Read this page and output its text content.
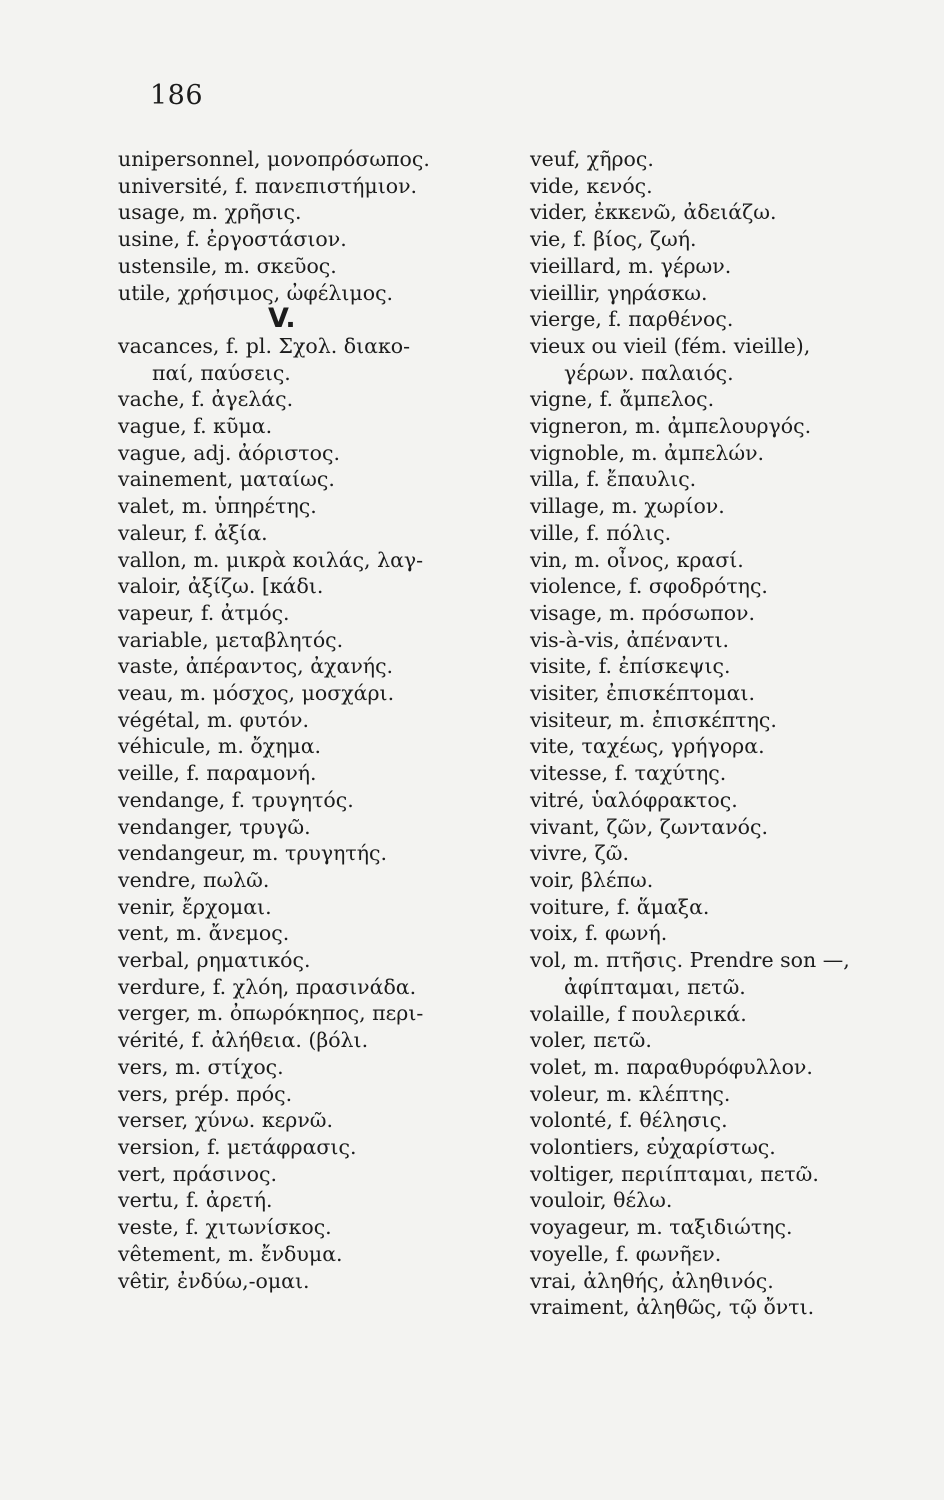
186
unipersonnel, μονοπρόσωπος.
université, f. πανεπιστήμιον.
usage, m. χρῆσις.
usine, f. ἐργοστάσιον.
ustensile, m. σκεῦος.
utile, χρήσιμος, ὠφέλιμος.
V.
vacances, f. pl. Σχολ. διακο-
παί, παύσεις.
vache, f. ἀγελάς.
vague, f. κῦμα.
vague, adj. ἀόριστος.
vainement, ματαίως.
valet, m. ὑπηρέτης.
valeur, f. ἀξία.
vallon, m. μικρὰ κοιλάς, λαγ-
valoir, ἀξίζω. [κάδι.
vapeur, f. ἀτμός.
variable, μεταβλητός.
vaste, ἀπέραντος, ἀχανής.
veau, m. μόσχος, μοσχάρι.
végétal, m. φυτόν.
véhicule, m. ὄχημα.
veille, f. παραμονή.
vendange, f. τρυγητός.
vendanger, τρυγῶ.
vendangeur, m. τρυγητής.
vendre, πωλῶ.
venir, ἔρχομαι.
vent, m. ἄνεμος.
verbal, ρηματικός.
verdure, f. χλόη, πρασινάδα.
verger, m. ὀπωρόκηπος, περι-
vérité, f. ἀλήθεια. (βόλι.
vers, m. στίχος.
vers, prép. πρός.
verser, χύνω. κερνῶ.
version, f. μετάφρασις.
vert, πράσινος.
vertu, f. ἀρετή.
veste, f. χιτωνίσκος.
vêtement, m. ἔνδυμα.
vêtir, ἐνδύω,-ομαι.
veuf, χῆρος.
vide, κενός.
vider, ἐκκενῶ, ἀδειάζω.
vie, f. βίος, ζωή.
vieillard, m. γέρων.
vieillir, γηράσκω.
vierge, f. παρθένος.
vieux ou vieil (fém. vieille),
γέρων. παλαιός.
vigne, f. ἄμπελος.
vigneron, m. ἀμπελουργός.
vignoble, m. ἀμπελών.
villa, f. ἔπαυλις.
village, m. χωρίον.
ville, f. πόλις.
vin, m. οἶνος, κρασί.
violence, f. σφοδρότης.
visage, m. πρόσωπον.
vis-à-vis, ἀπέναντι.
visite, f. ἐπίσκεψις.
visiter, ἐπισκέπτομαι.
visiteur, m. ἐπισκέπτης.
vite, ταχέως, γρήγορα.
vitesse, f. ταχύτης.
vitré, ὑαλόφρακτος.
vivant, ζῶν, ζωντανός.
vivre, ζῶ.
voir, βλέπω.
voiture, f. ἅμαξα.
voix, f. φωνή.
vol, m. πτῆσις. Prendre son —,
ἀφίπταμαι, πετῶ.
volaille, f πουλερικά.
voler, πετῶ.
volet, m. παραθυρόφυλλον.
voleur, m. κλέπτης.
volonté, f. θέλησις.
volontiers, εὐχαρίστως.
voltiger, περιίπταμαι, πετῶ.
vouloir, θέλω.
voyageur, m. ταξιδιώτης.
voyelle, f. φωνῆεν.
vrai, ἀληθής, ἀληθινός.
vraiment, ἀληθῶς, τῷ ὄντι.
